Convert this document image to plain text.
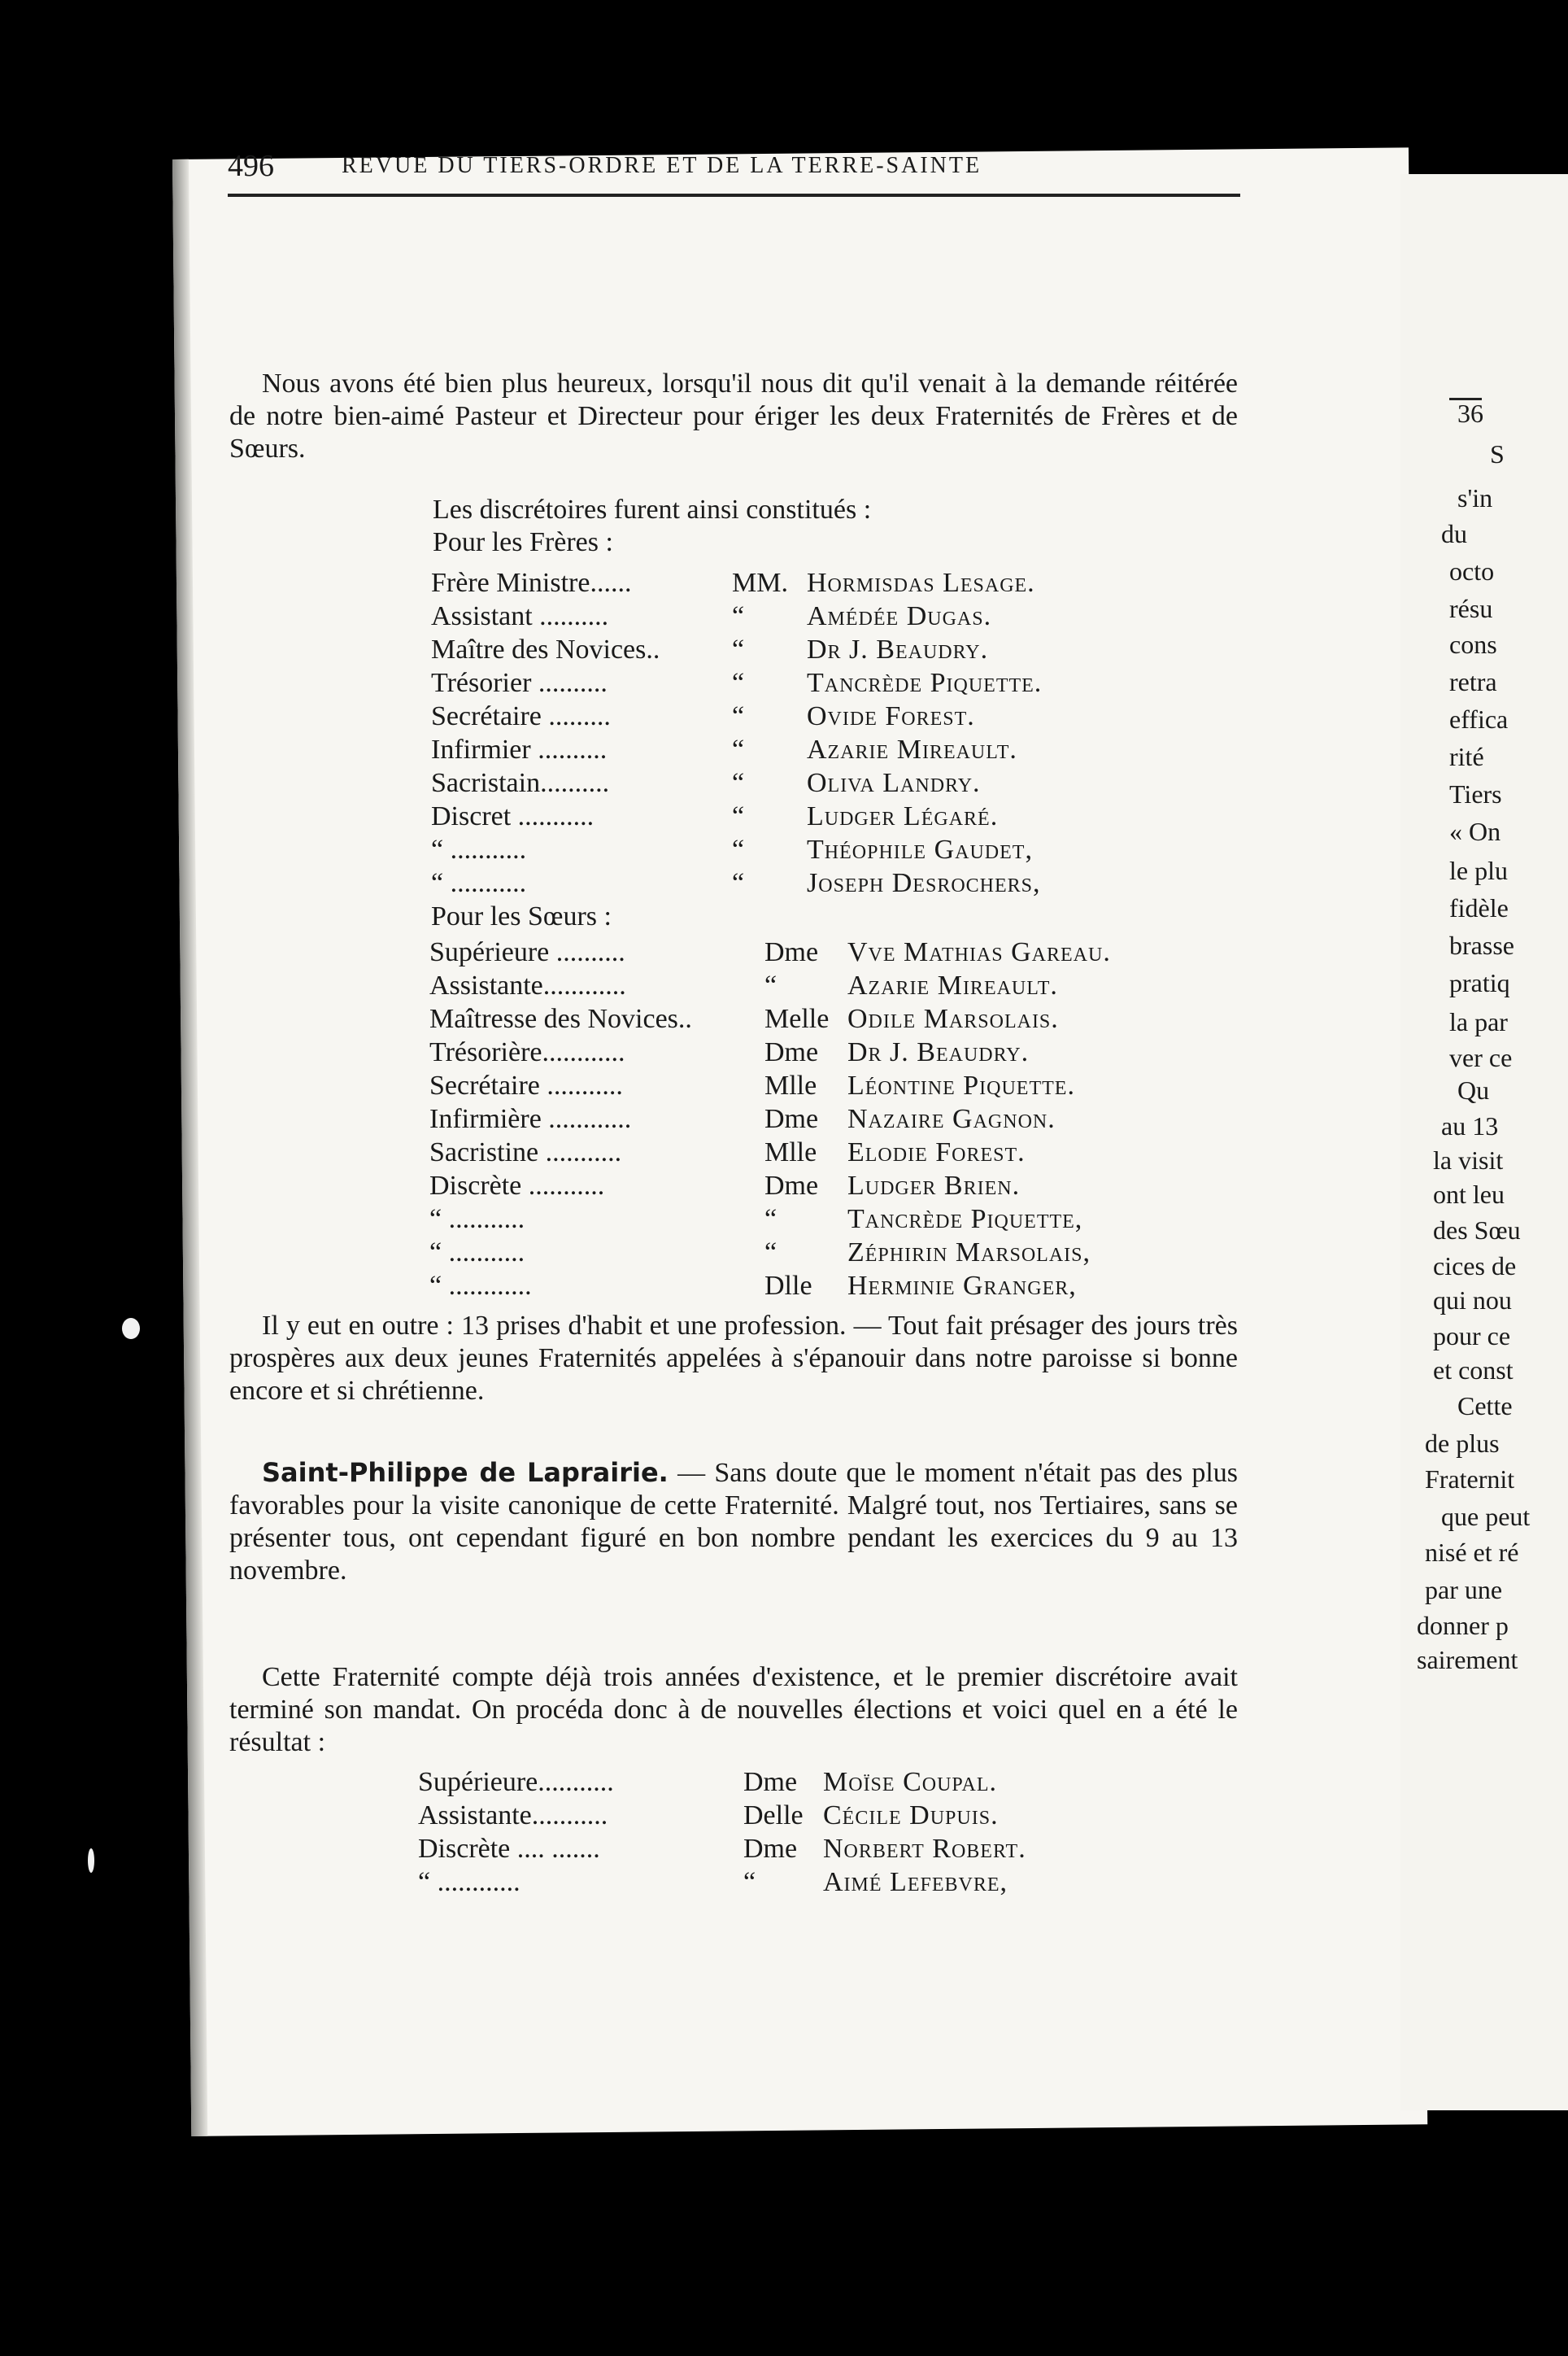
36
S
s'in
du
octo
résu
cons
retra
effica
rité
Tiers
« On
le plu
fidèle
brasse
pratiq
la par
ver ce
Qu
au 13
la visit
ont leu
des Sœu
cices de
qui nou
pour ce
et const
Cette
de plus
Fraternit
que peut
nisé et ré
par une
donner p
sairement
496	REVUE DU TIERS-ORDRE ET DE LA TERRE-SAINTE

Nous avons été bien plus heureux, lorsqu'il nous dit qu'il venait à la demande réitérée de notre bien-aimé Pasteur et Directeur pour ériger les deux Fraternités de Frères et de Sœurs.

Les discrétoires furent ainsi constitués :
Pour les Frères :
Frère Ministre......	MM. Hormisdas Lesage.
Assistant ..........	“ Amédée Dugas.
Maître des Novices..	“ Dr J. Beaudry.
Trésorier ..........	“ Tancrède Piquette.
Secrétaire .........	“ Ovide Forest.
Infirmier ..........	“ Azarie Mireault.
Sacristain..........	“ Oliva Landry.
Discret ...........	“ Ludger Légaré.
“ ...........	“ Théophile Gaudet,
“ ...........	“ Joseph Desrochers,
Pour les Sœurs :
Supérieure ..........	Dme Vve Mathias Gareau.
Assistante............	“	Azarie Mireault.
Maîtresse des Novices..	Melle Odile Marsolais.
Trésorière............	Dme Dr J. Beaudry.
Secrétaire ...........	Mlle Léontine Piquette.
Infirmière ............	Dme Nazaire Gagnon.
Sacristine ...........	Mlle Elodie Forest.
Discrète ...........	Dme Ludger Brien.
“ ...........	“	Tancrède Piquette,
“ ...........	“	Zéphirin Marsolais,
“ ............	Dlle Herminie Granger,

Il y eut en outre : 13 prises d'habit et une profession. — Tout fait présager des jours très prospères aux deux jeunes Fraternités appelées à s'épanouir dans notre paroisse si bonne encore et si chrétienne.

Saint-Philippe de Laprairie. — Sans doute que le moment n'était pas des plus favorables pour la visite canonique de cette Fraternité. Malgré tout, nos Tertiaires, sans se présenter tous, ont cependant figuré en bon nombre pendant les exercices du 9 au 13 novembre.

Cette Fraternité compte déjà trois années d'existence, et le premier discrétoire avait terminé son mandat. On procéda donc à de nouvelles élections et voici quel en a été le résultat :

Supérieure...........	Dme Moïse Coupal.
Assistante...........	Delle Cécile Dupuis.
Discrète .... .......	Dme Norbert Robert.
“ ............	“ Aimé Lefebvre,
